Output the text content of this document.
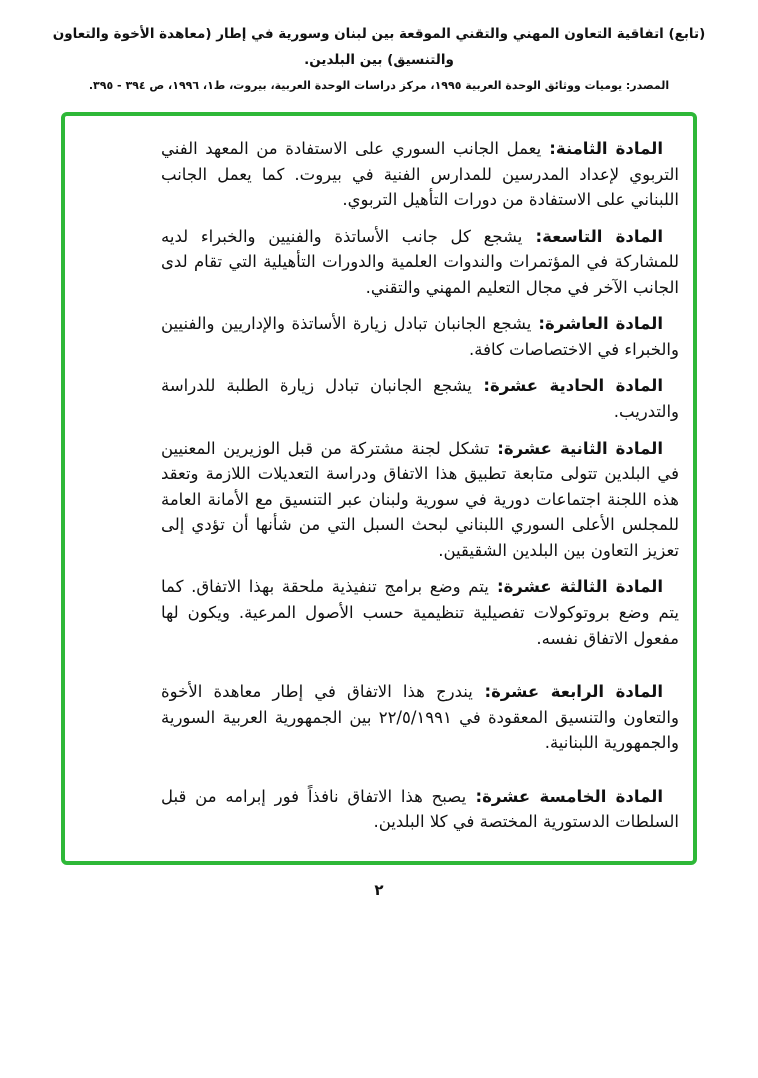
(تابع) اتفاقية التعاون المهني والتقني الموقعة بين لبنان وسورية في إطار (معاهدة الأخوة والتعاون والتنسيق) بين البلدين.
المصدر: يوميات ووثائق الوحدة العربية ١٩٩٥، مركز دراسات الوحدة العربية، بيروت، ط١، ١٩٩٦، ص ٣٩٤ - ٣٩٥.

المادة الثامنة: يعمل الجانب السوري على الاستفادة من المعهد الفني التربوي لإعداد المدرسين للمدارس الفنية في بيروت. كما يعمل الجانب اللبناني على الاستفادة من دورات التأهيل التربوي.

المادة التاسعة: يشجع كل جانب الأساتذة والفنيين والخبراء لديه للمشاركة في المؤتمرات والندوات العلمية والدورات التأهيلية التي تقام لدى الجانب الآخر في مجال التعليم المهني والتقني.

المادة العاشرة: يشجع الجانبان تبادل زيارة الأساتذة والإداريين والفنيين والخبراء في الاختصاصات كافة.

المادة الحادية عشرة: يشجع الجانبان تبادل زيارة الطلبة للدراسة والتدريب.

المادة الثانية عشرة: تشكل لجنة مشتركة من قبل الوزيرين المعنيين في البلدين تتولى متابعة تطبيق هذا الاتفاق ودراسة التعديلات اللازمة وتعقد هذه اللجنة اجتماعات دورية في سورية ولبنان عبر التنسيق مع الأمانة العامة للمجلس الأعلى السوري اللبناني لبحث السبل التي من شأنها أن تؤدي إلى تعزيز التعاون بين البلدين الشقيقين.

المادة الثالثة عشرة: يتم وضع برامج تنفيذية ملحقة بهذا الاتفاق. كما يتم وضع بروتوكولات تفصيلية تنظيمية حسب الأصول المرعية. ويكون لها مفعول الاتفاق نفسه.

المادة الرابعة عشرة: يندرج هذا الاتفاق في إطار معاهدة الأخوة والتعاون والتنسيق المعقودة في ٢٢/٥/١٩٩١ بين الجمهورية العربية السورية والجمهورية اللبنانية.

المادة الخامسة عشرة: يصبح هذا الاتفاق نافذاً فور إبرامه من قبل السلطات الدستورية المختصة في كلا البلدين.

٢
